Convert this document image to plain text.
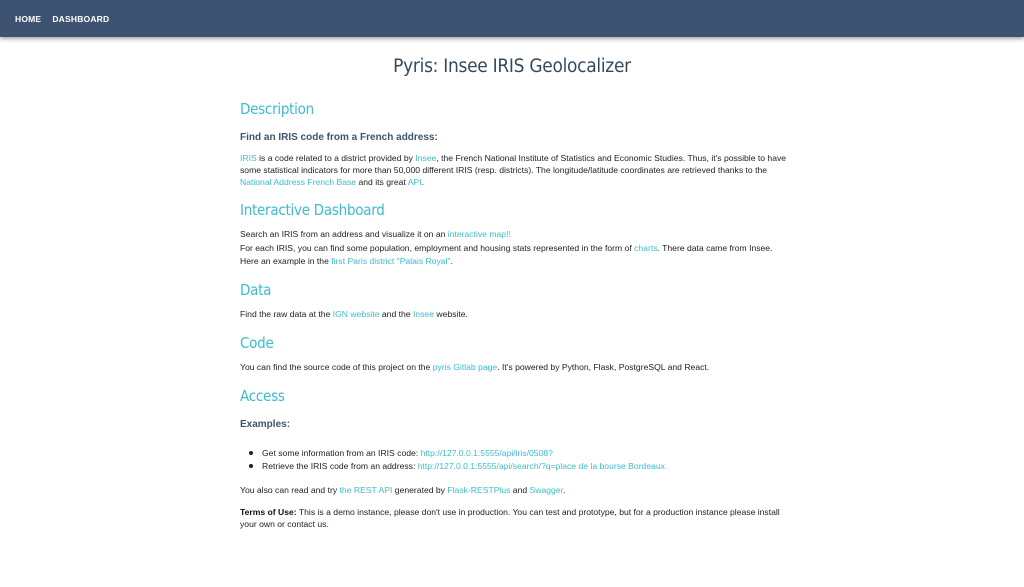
HOME DASHBOARD
Pyris: Insee IRIS Geolocalizer
Description
Find an IRIS code from a French address:

IRIS is a code related to a district provided by Insee, the French National Institute of Statistics and Economic Studies. Thus, it's possible to have some statistical indicators for more than 50,000 different IRIS (resp. districts). The longitude/latitude coordinates are retrieved thanks to the National Address French Base and its great API.

Interactive Dashboard

Search an IRIS from an address and visualize it on an interactive map!!
For each IRIS, you can find some population, employment and housing stats represented in the form of charts. There data came from Insee.
Here an example in the first Paris district "Palais Royal".

Data

Find the raw data at the IGN website and the Insee website.

Code

You can find the source code of this project on the pyris Gitlab page. It's powered by Python, Flask, PostgreSQL and React.

Access
Examples:
Get some information from an IRIS code: http://127.0.0.1:5555/api/iris/0508?
Retrieve the IRIS code from an address: http://127.0.0.1:5555/api/search/?q=place de la bourse Bordeaux

You also can read and try the REST API generated by Flask-RESTPlus and Swagger.

Terms of Use: This is a demo instance, please don't use in production. You can test and prototype, but for a production instance please install your own or contact us.
